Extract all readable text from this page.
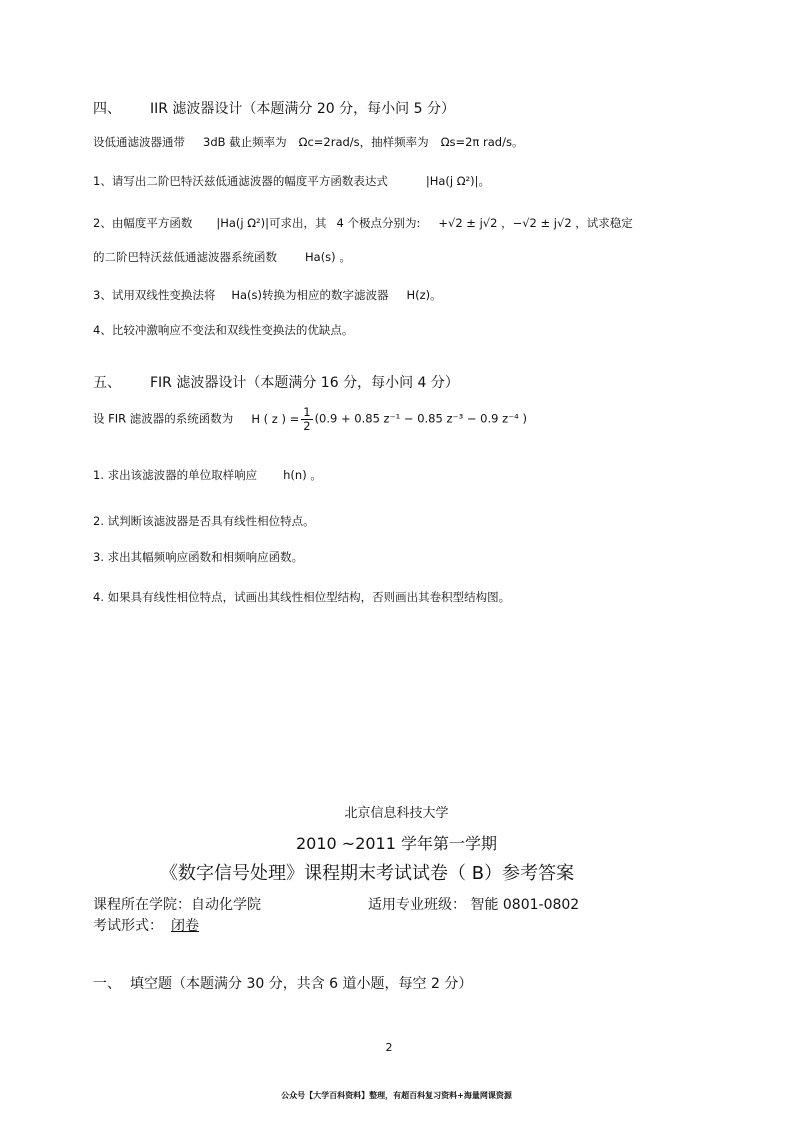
四、 IIR 滤波器设计（本题满分 20 分，每小问 5 分）
设低通滤波器通带 3dB 截止频率为 Ωc=2rad/s，抽样频率为 Ωs=2π rad/s。
1、请写出二阶巴特沃兹低通滤波器的幅度平方函数表达式	|Ha(j Ω²)|。
2、由幅度平方函数 |Ha(j Ω²)|可求出，其 4 个极点分别为: +√2 ± j√2 ，−√2 ± j√2 ，试求稳定
的二阶巴特沃兹低通滤波器系统函数 Ha(s) 。
3、试用双线性变换法将 Ha(s)转换为相应的数字滤波器 H(z)。
4、比较冲激响应不变法和双线性变换法的优缺点。
五、 FIR 滤波器设计（本题满分 16 分，每小问 4 分）
设 FIR 滤波器的系统函数为 H ( z ) = $\frac{1}{2} (0.9 + 0.85$ z⁻¹ − 0.85 z⁻³ − 0.9 z⁻⁴ )
1. 求出该滤波器的单位取样响应 h(n) 。
2. 试判断该滤波器是否具有线性相位特点。
3. 求出其幅频响应函数和相频响应函数。
4. 如果具有线性相位特点，试画出其线性相位型结构，否则画出其卷积型结构图。
北京信息科技大学
2010 ~2011 学年第一学期
《数字信号处理》课程期末考试试卷（ B）参考答案
课程所在学院：自动化学院	适用专业班级： 智能 0801-0802
考试形式： 闭卷
一、 填空题（本题满分 30 分，共含 6 道小题，每空 2 分）
2
公众号【大学百科资料】整理，有超百科复习资料+海量网课资源
